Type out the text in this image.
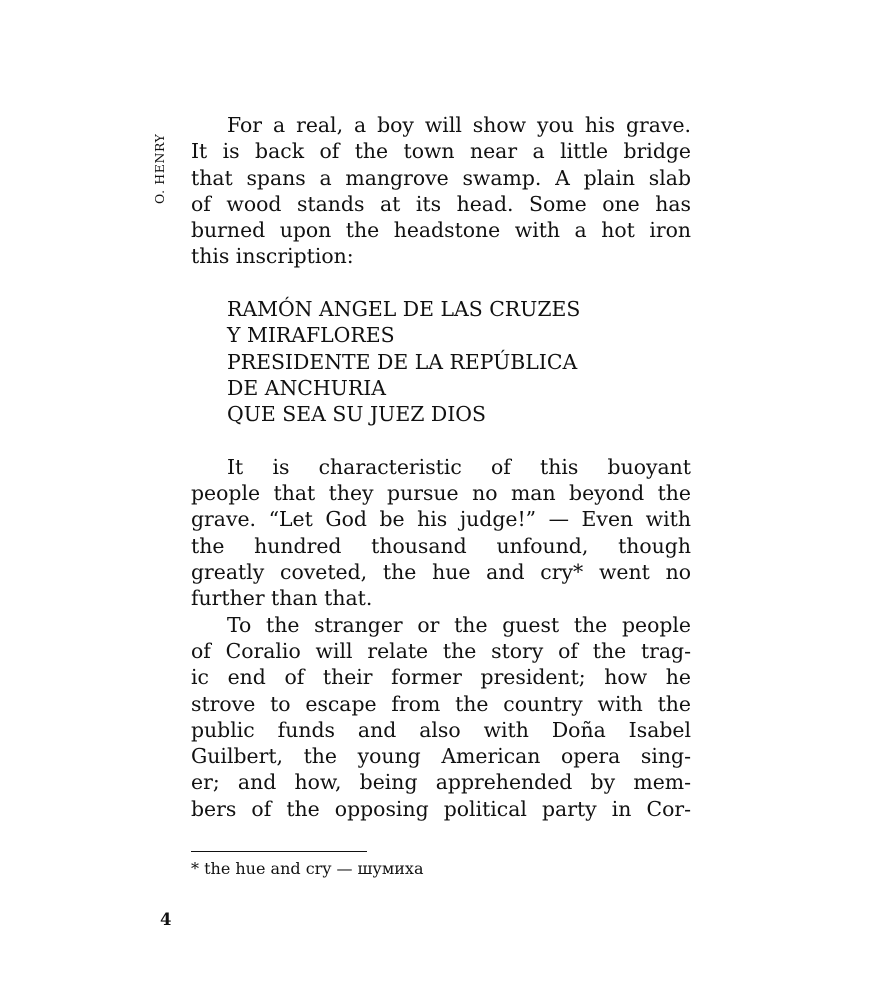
O. HENRY
For a real, a boy will show you his grave.
It is back of the town near a little bridge
that spans a mangrove swamp. A plain slab
of wood stands at its head. Some one has
burned upon the headstone with a hot iron
this inscription:
RAMÓN ANGEL DE LAS CRUZES
Y MIRAFLORES
PRESIDENTE DE LA REPÚBLICA
DE ANCHURIA
QUE SEA SU JUEZ DIOS
It is characteristic of this buoyant
people that they pursue no man beyond the
grave. “Let God be his judge!” — Even with
the hundred thousand unfound, though
greatly coveted, the hue and cry* went no
further than that.
To the stranger or the guest the people
of Coralio will relate the story of the trag-
ic end of their former president; how he
strove to escape from the country with the
public funds and also with Doña Isabel
Guilbert, the young American opera sing-
er; and how, being apprehended by mem-
bers of the opposing political party in Cor-
* the hue and cry — шумиха
4
